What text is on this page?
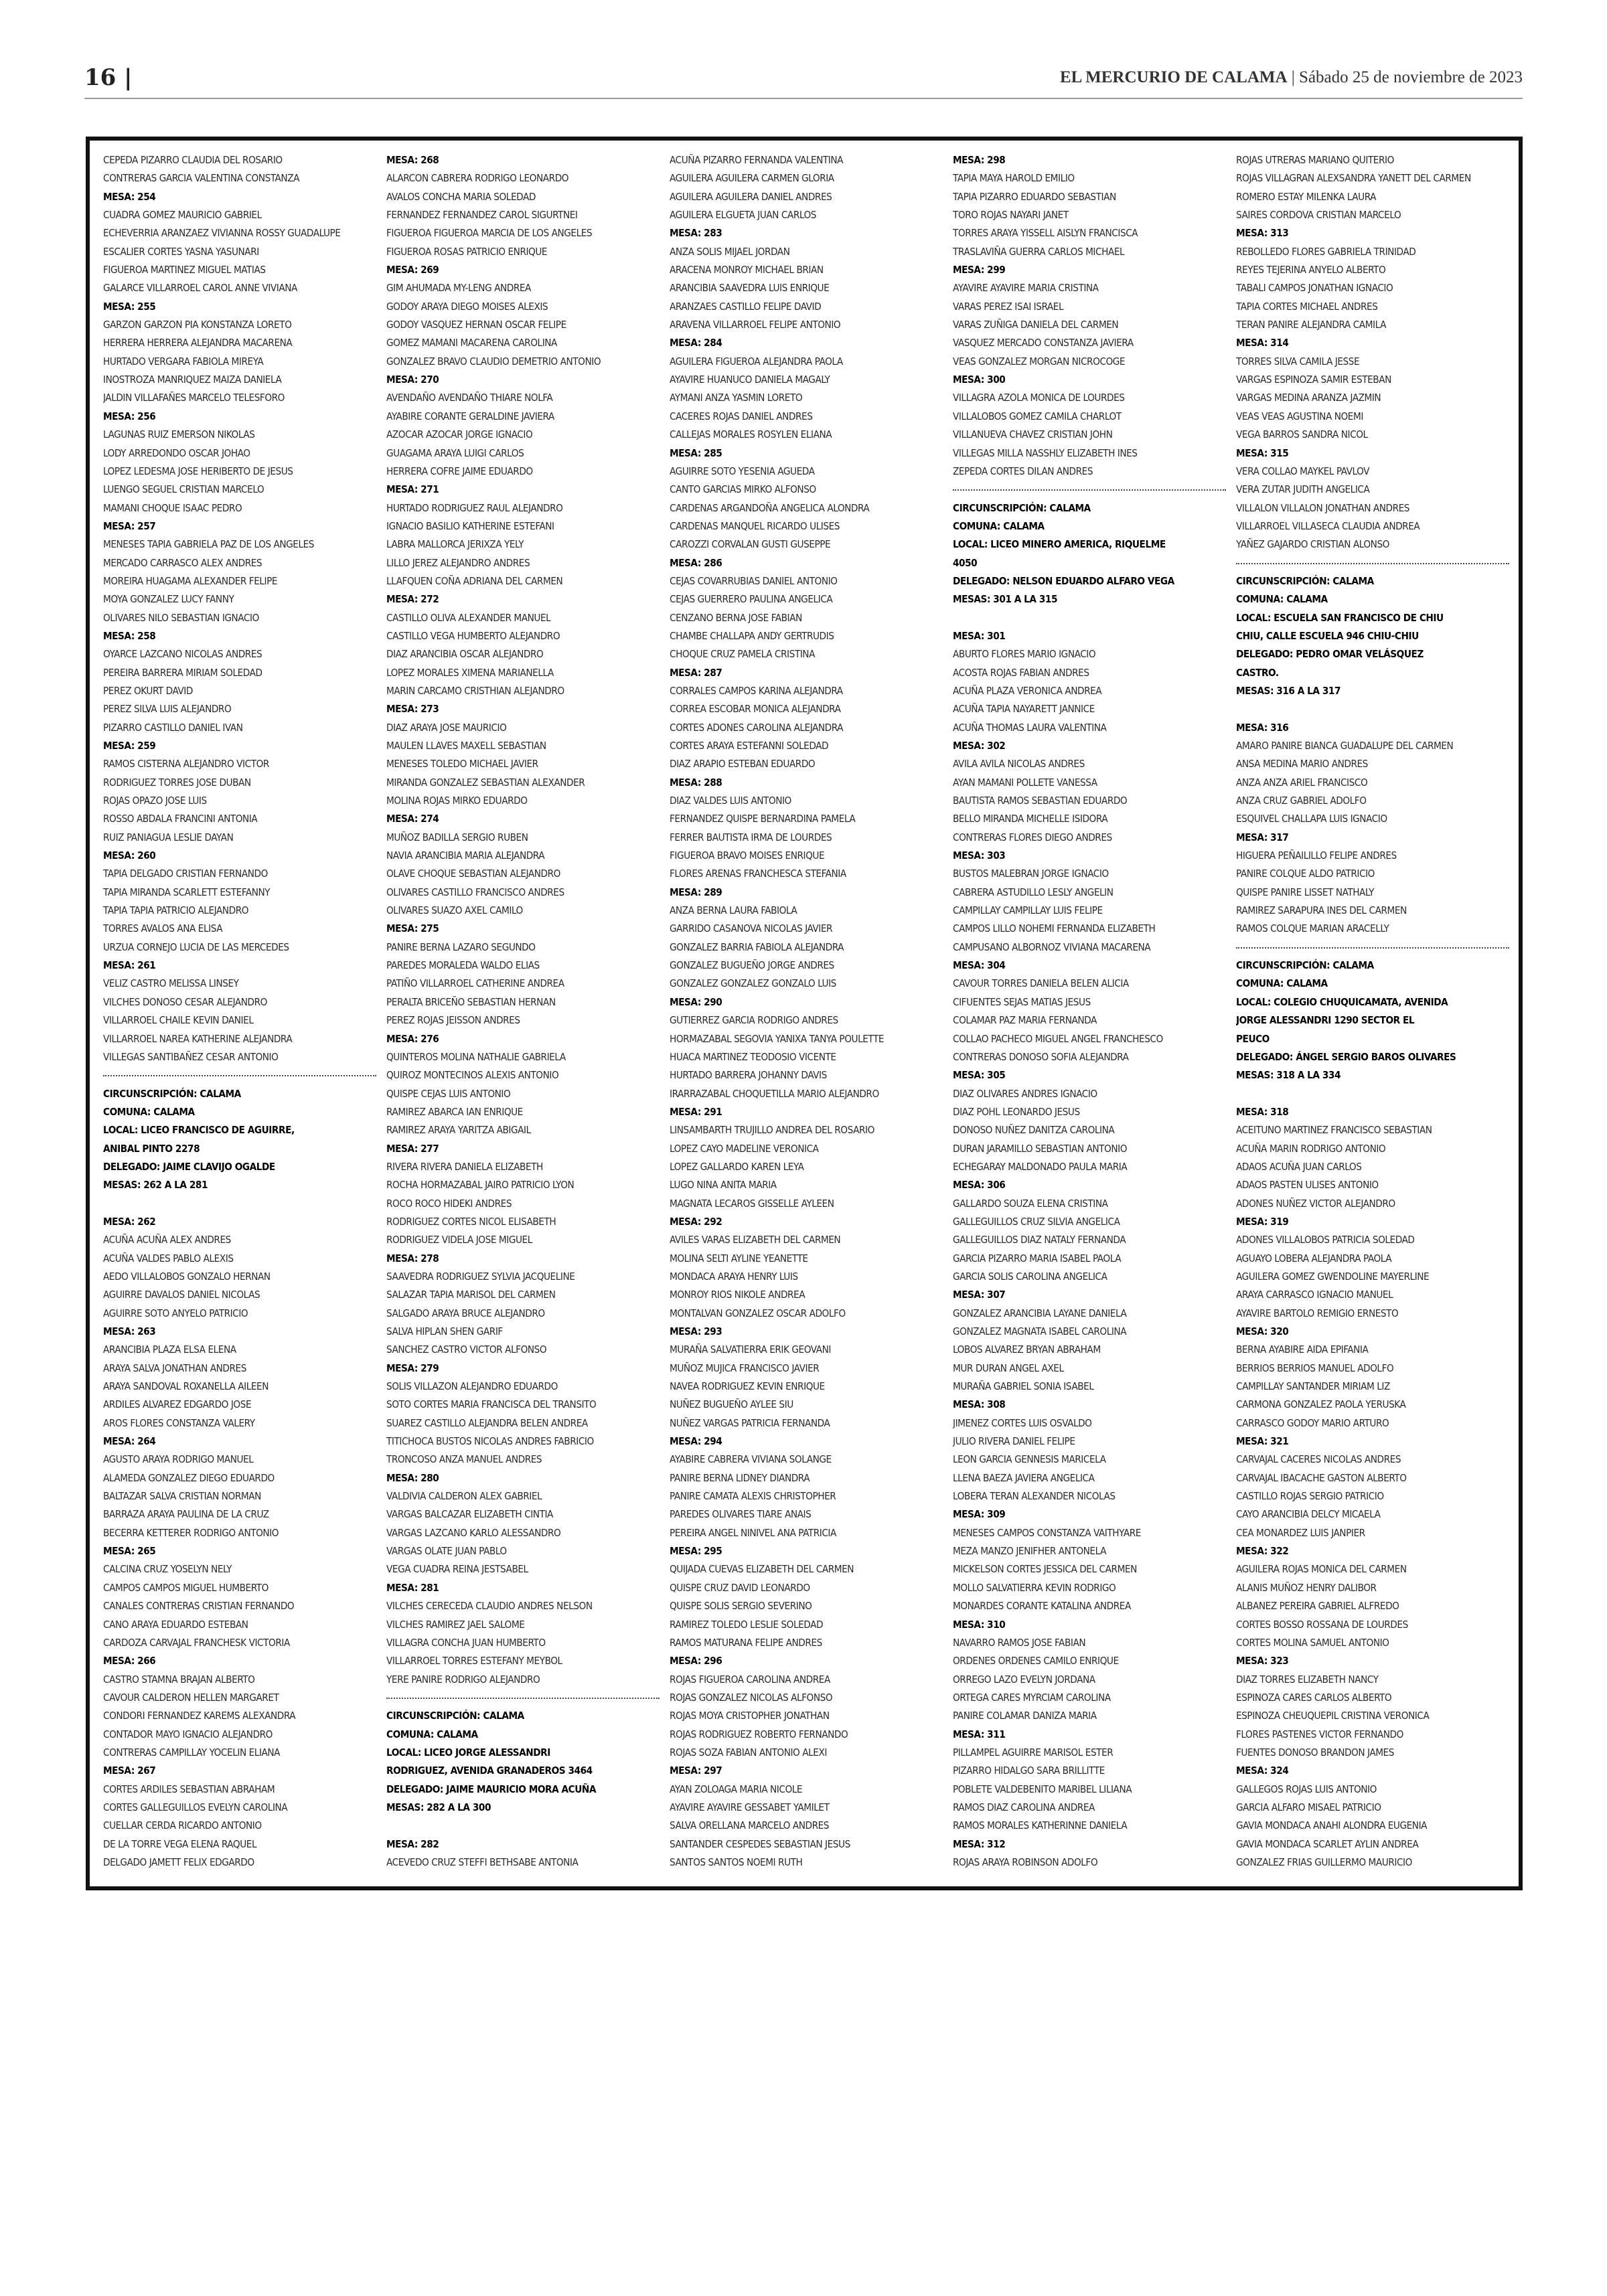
16 |	EL MERCURIO DE CALAMA | Sábado 25 de noviembre de 2023
CEPEDA PIZARRO CLAUDIA DEL ROSARIO
CONTRERAS GARCIA VALENTINA CONSTANZA
MESA: 254
CUADRA GOMEZ MAURICIO GABRIEL
ECHEVERRIA ARANZAEZ VIVIANNA ROSSY GUADALUPE
ESCALIER CORTES YASNA YASUNARI
FIGUEROA MARTINEZ MIGUEL MATIAS
GALARCE VILLARROEL CAROL ANNE VIVIANA
MESA: 255
GARZON GARZON PIA KONSTANZA LORETO
HERRERA HERRERA ALEJANDRA MACARENA
HURTADO VERGARA FABIOLA MIREYA
INOSTROZA MANRIQUEZ MAIZA DANIELA
JALDIN VILLAFAÑES MARCELO TELESFORO
MESA: 256
LAGUNAS RUIZ EMERSON NIKOLAS
LODY ARREDONDO OSCAR JOHAO
LOPEZ LEDESMA JOSE HERIBERTO DE JESUS
LUENGO SEGUEL CRISTIAN MARCELO
MAMANI CHOQUE ISAAC PEDRO
MESA: 257
MENESES TAPIA GABRIELA PAZ DE LOS ANGELES
MERCADO CARRASCO ALEX ANDRES
MOREIRA HUAGAMA ALEXANDER FELIPE
MOYA GONZALEZ LUCY FANNY
OLIVARES NILO SEBASTIAN IGNACIO
MESA: 258
OYARCE LAZCANO NICOLAS ANDRES
PEREIRA BARRERA MIRIAM SOLEDAD
PEREZ OKURT DAVID
PEREZ SILVA LUIS ALEJANDRO
PIZARRO CASTILLO DANIEL IVAN
MESA: 259
RAMOS CISTERNA ALEJANDRO VICTOR
RODRIGUEZ TORRES JOSE DUBAN
ROJAS OPAZO JOSE LUIS
ROSSO ABDALA FRANCINI ANTONIA
RUIZ PANIAGUA LESLIE DAYAN
MESA: 260
TAPIA DELGADO CRISTIAN FERNANDO
TAPIA MIRANDA SCARLETT ESTEFANNY
TAPIA TAPIA PATRICIO ALEJANDRO
TORRES AVALOS ANA ELISA
URZUA CORNEJO LUCIA DE LAS MERCEDES
MESA: 261
VELIZ CASTRO MELISSA LINSEY
VILCHES DONOSO CESAR ALEJANDRO
VILLARROEL CHAILE KEVIN DANIEL
VILLARROEL NAREA KATHERINE ALEJANDRA
VILLEGAS SANTIBAÑEZ CESAR ANTONIO
CIRCUNSCRIPCIÓN: CALAMA
COMUNA: CALAMA
LOCAL: LICEO FRANCISCO DE AGUIRRE,
ANIBAL PINTO 2278
DELEGADO: JAIME CLAVIJO OGALDE
MESAS: 262 A LA 281
MESA: 262
ACUÑA ACUÑA ALEX ANDRES
ACUÑA VALDES PABLO ALEXIS
AEDO VILLALOBOS GONZALO HERNAN
AGUIRRE DAVALOS DANIEL NICOLAS
AGUIRRE SOTO ANYELO PATRICIO
MESA: 263
ARANCIBIA PLAZA ELSA ELENA
ARAYA SALVA JONATHAN ANDRES
ARAYA SANDOVAL ROXANELLA AILEEN
ARDILES ALVAREZ EDGARDO JOSE
AROS FLORES CONSTANZA VALERY
MESA: 264
AGUSTO ARAYA RODRIGO MANUEL
ALAMEDA GONZALEZ DIEGO EDUARDO
BALTAZAR SALVA CRISTIAN NORMAN
BARRAZA ARAYA PAULINA DE LA CRUZ
BECERRA KETTERER RODRIGO ANTONIO
MESA: 265
CALCINA CRUZ YOSELYN NELY
CAMPOS CAMPOS MIGUEL HUMBERTO
CANALES CONTRERAS CRISTIAN FERNANDO
CANO ARAYA EDUARDO ESTEBAN
CARDOZA CARVAJAL FRANCHESK VICTORIA
MESA: 266
CASTRO STAMNA BRAJAN ALBERTO
CAVOUR CALDERON HELLEN MARGARET
CONDORI FERNANDEZ KAREMS ALEXANDRA
CONTADOR MAYO IGNACIO ALEJANDRO
CONTRERAS CAMPILLAY YOCELIN ELIANA
MESA: 267
CORTES ARDILES SEBASTIAN ABRAHAM
CORTES GALLEGUILLOS EVELYN CAROLINA
CUELLAR CERDA RICARDO ANTONIO
DE LA TORRE VEGA ELENA RAQUEL
DELGADO JAMETT FELIX EDGARDO
MESA: 268
ALARCON CABRERA RODRIGO LEONARDO
AVALOS CONCHA MARIA SOLEDAD
FERNANDEZ FERNANDEZ CAROL SIGURTNEI
FIGUEROA FIGUEROA MARCIA DE LOS ANGELES
FIGUEROA ROSAS PATRICIO ENRIQUE
MESA: 269
GIM AHUMADA MY-LENG ANDREA
GODOY ARAYA DIEGO MOISES ALEXIS
GODOY VASQUEZ HERNAN OSCAR FELIPE
GOMEZ MAMANI MACARENA CAROLINA
GONZALEZ BRAVO CLAUDIO DEMETRIO ANTONIO
MESA: 270
AVENDAÑO AVENDAÑO THIARE NOLFA
AYABIRE CORANTE GERALDINE JAVIERA
AZOCAR AZOCAR JORGE IGNACIO
GUAGAMA ARAYA LUIGI CARLOS
HERRERA COFRE JAIME EDUARDO
MESA: 271
HURTADO RODRIGUEZ RAUL ALEJANDRO
IGNACIO BASILIO KATHERINE ESTEFANI
LABRA MALLORCA JERIXZA YELY
LILLO JEREZ ALEJANDRO ANDRES
LLAFQUEN COÑA ADRIANA DEL CARMEN
MESA: 272
CASTILLO OLIVA ALEXANDER MANUEL
CASTILLO VEGA HUMBERTO ALEJANDRO
DIAZ ARANCIBIA OSCAR ALEJANDRO
LOPEZ MORALES XIMENA MARIANELLA
MARIN CARCAMO CRISTHIAN ALEJANDRO
MESA: 273
DIAZ ARAYA JOSE MAURICIO
MAULEN LLAVES MAXELL SEBASTIAN
MENESES TOLEDO MICHAEL JAVIER
MIRANDA GONZALEZ SEBASTIAN ALEXANDER
MOLINA ROJAS MIRKO EDUARDO
MESA: 274
MUÑOZ BADILLA SERGIO RUBEN
NAVIA ARANCIBIA MARIA ALEJANDRA
OLAVE CHOQUE SEBASTIAN ALEJANDRO
OLIVARES CASTILLO FRANCISCO ANDRES
OLIVARES SUAZO AXEL CAMILO
MESA: 275
PANIRE BERNA LAZARO SEGUNDO
PAREDES MORALEDA WALDO ELIAS
PATIÑO VILLARROEL CATHERINE ANDREA
PERALTA BRICEÑO SEBASTIAN HERNAN
PEREZ ROJAS JEISSON ANDRES
MESA: 276
QUINTEROS MOLINA NATHALIE GABRIELA
QUIROZ MONTECINOS ALEXIS ANTONIO
QUISPE CEJAS LUIS ANTONIO
RAMIREZ ABARCA IAN ENRIQUE
RAMIREZ ARAYA YARITZA ABIGAIL
MESA: 277
RIVERA RIVERA DANIELA ELIZABETH
ROCHA HORMAZABAL JAIRO PATRICIO LYON
ROCO ROCO HIDEKI ANDRES
RODRIGUEZ CORTES NICOL ELISABETH
RODRIGUEZ VIDELA JOSE MIGUEL
MESA: 278
SAAVEDRA RODRIGUEZ SYLVIA JACQUELINE
SALAZAR TAPIA MARISOL DEL CARMEN
SALGADO ARAYA BRUCE ALEJANDRO
SALVA HIPLAN SHEN GARIF
SANCHEZ CASTRO VICTOR ALFONSO
MESA: 279
SOLIS VILLAZON ALEJANDRO EDUARDO
SOTO CORTES MARIA FRANCISCA DEL TRANSITO
SUAREZ CASTILLO ALEJANDRA BELEN ANDREA
TITICHOCA BUSTOS NICOLAS ANDRES FABRICIO
TRONCOSO ANZA MANUEL ANDRES
MESA: 280
VALDIVIA CALDERON ALEX GABRIEL
VARGAS BALCAZAR ELIZABETH CINTIA
VARGAS LAZCANO KARLO ALESSANDRO
VARGAS OLATE JUAN PABLO
VEGA CUADRA REINA JESTSABEL
MESA: 281
VILCHES CERECEDA CLAUDIO ANDRES NELSON
VILCHES RAMIREZ JAEL SALOME
VILLAGRA CONCHA JUAN HUMBERTO
VILLARROEL TORRES ESTEFANY MEYBOL
YERE PANIRE RODRIGO ALEJANDRO
CIRCUNSCRIPCIÓN: CALAMA
COMUNA: CALAMA
LOCAL: LICEO JORGE ALESSANDRI
RODRIGUEZ, AVENIDA GRANADEROS 3464
DELEGADO: JAIME MAURICIO MORA ACUÑA
MESAS: 282 A LA 300
MESA: 282
ACEVEDO CRUZ STEFFI BETHSABE ANTONIA
ACUÑA PIZARRO FERNANDA VALENTINA
AGUILERA AGUILERA CARMEN GLORIA
AGUILERA AGUILERA DANIEL ANDRES
AGUILERA ELGUETA JUAN CARLOS
MESA: 283
ANZA SOLIS MIJAEL JORDAN
ARACENA MONROY MICHAEL BRIAN
ARANCIBIA SAAVEDRA LUIS ENRIQUE
ARANZAES CASTILLO FELIPE DAVID
ARAVENA VILLARROEL FELIPE ANTONIO
MESA: 284
AGUILERA FIGUEROA ALEJANDRA PAOLA
AYAVIRE HUANUCO DANIELA MAGALY
AYMANI ANZA YASMIN LORETO
CACERES ROJAS DANIEL ANDRES
CALLEJAS MORALES ROSYLEN ELIANA
MESA: 285
AGUIRRE SOTO YESENIA AGUEDA
CANTO GARCIAS MIRKO ALFONSO
CARDENAS ARGANDOÑA ANGELICA ALONDRA
CARDENAS MANQUEL RICARDO ULISES
CAROZZI CORVALAN GUSTI GUSEPPE
MESA: 286
CEJAS COVARRUBIAS DANIEL ANTONIO
CEJAS GUERRERO PAULINA ANGELICA
CENZANO BERNA JOSE FABIAN
CHAMBE CHALLAPA ANDY GERTRUDIS
CHOQUE CRUZ PAMELA CRISTINA
MESA: 287
CORRALES CAMPOS KARINA ALEJANDRA
CORREA ESCOBAR MONICA ALEJANDRA
CORTES ADONES CAROLINA ALEJANDRA
CORTES ARAYA ESTEFANNI SOLEDAD
DIAZ ARAPIO ESTEBAN EDUARDO
MESA: 288
DIAZ VALDES LUIS ANTONIO
FERNANDEZ QUISPE BERNARDINA PAMELA
FERRER BAUTISTA IRMA DE LOURDES
FIGUEROA BRAVO MOISES ENRIQUE
FLORES ARENAS FRANCHESCA STEFANIA
MESA: 289
ANZA BERNA LAURA FABIOLA
GARRIDO CASANOVA NICOLAS JAVIER
GONZALEZ BARRIA FABIOLA ALEJANDRA
GONZALEZ BUGUEÑO JORGE ANDRES
GONZALEZ GONZALEZ GONZALO LUIS
MESA: 290
GUTIERREZ GARCIA RODRIGO ANDRES
HORMAZABAL SEGOVIA YANIXA TANYA POULETTE
HUACA MARTINEZ TEODOSIO VICENTE
HURTADO BARRERA JOHANNY DAVIS
IRARRAZABAL CHOQUETILLA MARIO ALEJANDRO
MESA: 291
LINSAMBARTH TRUJILLO ANDREA DEL ROSARIO
LOPEZ CAYO MADELINE VERONICA
LOPEZ GALLARDO KAREN LEYA
LUGO NINA ANITA MARIA
MAGNATA LECAROS GISSELLE AYLEEN
MESA: 292
AVILES VARAS ELIZABETH DEL CARMEN
MOLINA SELTI AYLINE YEANETTE
MONDACA ARAYA HENRY LUIS
MONROY RIOS NIKOLE ANDREA
MONTALVAN GONZALEZ OSCAR ADOLFO
MESA: 293
MURAÑA SALVATIERRA ERIK GEOVANI
MUÑOZ MUJICA FRANCISCO JAVIER
NAVEA RODRIGUEZ KEVIN ENRIQUE
NUÑEZ BUGUEÑO AYLEE SIU
NUÑEZ VARGAS PATRICIA FERNANDA
MESA: 294
AYABIRE CABRERA VIVIANA SOLANGE
PANIRE BERNA LIDNEY DIANDRA
PANIRE CAMATA ALEXIS CHRISTOPHER
PAREDES OLIVARES TIARE ANAIS
PEREIRA ANGEL NINIVEL ANA PATRICIA
MESA: 295
QUIJADA CUEVAS ELIZABETH DEL CARMEN
QUISPE CRUZ DAVID LEONARDO
QUISPE SOLIS SERGIO SEVERINO
RAMIREZ TOLEDO LESLIE SOLEDAD
RAMOS MATURANA FELIPE ANDRES
MESA: 296
ROJAS FIGUEROA CAROLINA ANDREA
ROJAS GONZALEZ NICOLAS ALFONSO
ROJAS MOYA CRISTOPHER JONATHAN
ROJAS RODRIGUEZ ROBERTO FERNANDO
ROJAS SOZA FABIAN ANTONIO ALEXI
MESA: 297
AYAN ZOLOAGA MARIA NICOLE
AYAVIRE AYAVIRE GESSABET YAMILET
SALVA ORELLANA MARCELO ANDRES
SANTANDER CESPEDES SEBASTIAN JESUS
SANTOS SANTOS NOEMI RUTH
MESA: 298
TAPIA MAYA HAROLD EMILIO
TAPIA PIZARRO EDUARDO SEBASTIAN
TORO ROJAS NAYARI JANET
TORRES ARAYA YISSELL AISLYN FRANCISCA
TRASLAVIÑA GUERRA CARLOS MICHAEL
MESA: 299
AYAVIRE AYAVIRE MARIA CRISTINA
VARAS PEREZ ISAI ISRAEL
VARAS ZUÑIGA DANIELA DEL CARMEN
VASQUEZ MERCADO CONSTANZA JAVIERA
VEAS GONZALEZ MORGAN NICROCOGE
MESA: 300
VILLAGRA AZOLA MONICA DE LOURDES
VILLALOBOS GOMEZ CAMILA CHARLOT
VILLANUEVA CHAVEZ CRISTIAN JOHN
VILLEGAS MILLA NASSHLY ELIZABETH INES
ZEPEDA CORTES DILAN ANDRES
CIRCUNSCRIPCIÓN: CALAMA
COMUNA: CALAMA
LOCAL: LICEO MINERO AMERICA, RIQUELME
4050
DELEGADO: NELSON EDUARDO ALFARO VEGA
MESAS: 301 A LA 315
MESA: 301
ABURTO FLORES MARIO IGNACIO
ACOSTA ROJAS FABIAN ANDRES
ACUÑA PLAZA VERONICA ANDREA
ACUÑA TAPIA NAYARETT JANNICE
ACUÑA THOMAS LAURA VALENTINA
MESA: 302
AVILA AVILA NICOLAS ANDRES
AYAN MAMANI POLLETE VANESSA
BAUTISTA RAMOS SEBASTIAN EDUARDO
BELLO MIRANDA MICHELLE ISIDORA
CONTRERAS FLORES DIEGO ANDRES
MESA: 303
BUSTOS MALEBRAN JORGE IGNACIO
CABRERA ASTUDILLO LESLY ANGELIN
CAMPILLAY CAMPILLAY LUIS FELIPE
CAMPOS LILLO NOHEMI FERNANDA ELIZABETH
CAMPUSANO ALBORNOZ VIVIANA MACARENA
MESA: 304
CAVOUR TORRES DANIELA BELEN ALICIA
CIFUENTES SEJAS MATIAS JESUS
COLAMAR PAZ MARIA FERNANDA
COLLAO PACHECO MIGUEL ANGEL FRANCHESCO
CONTRERAS DONOSO SOFIA ALEJANDRA
MESA: 305
DIAZ OLIVARES ANDRES IGNACIO
DIAZ POHL LEONARDO JESUS
DONOSO NUÑEZ DANITZA CAROLINA
DURAN JARAMILLO SEBASTIAN ANTONIO
ECHEGARAY MALDONADO PAULA MARIA
MESA: 306
GALLARDO SOUZA ELENA CRISTINA
GALLEGUILLOS CRUZ SILVIA ANGELICA
GALLEGUILLOS DIAZ NATALY FERNANDA
GARCIA PIZARRO MARIA ISABEL PAOLA
GARCIA SOLIS CAROLINA ANGELICA
MESA: 307
GONZALEZ ARANCIBIA LAYANE DANIELA
GONZALEZ MAGNATA ISABEL CAROLINA
LOBOS ALVAREZ BRYAN ABRAHAM
MUR DURAN ANGEL AXEL
MURAÑA GABRIEL SONIA ISABEL
MESA: 308
JIMENEZ CORTES LUIS OSVALDO
JULIO RIVERA DANIEL FELIPE
LEON GARCIA GENNESIS MARICELA
LLENA BAEZA JAVIERA ANGELICA
LOBERA TERAN ALEXANDER NICOLAS
MESA: 309
MENESES CAMPOS CONSTANZA VAITHYARE
MEZA MANZO JENIFHER ANTONELA
MICKELSON CORTES JESSICA DEL CARMEN
MOLLO SALVATIERRA KEVIN RODRIGO
MONARDES CORANTE KATALINA ANDREA
MESA: 310
NAVARRO RAMOS JOSE FABIAN
ORDENES ORDENES CAMILO ENRIQUE
ORREGO LAZO EVELYN JORDANA
ORTEGA CARES MYRCIAM CAROLINA
PANIRE COLAMAR DANIZA MARIA
MESA: 311
PILLAMPEL AGUIRRE MARISOL ESTER
PIZARRO HIDALGO SARA BRILLITTE
POBLETE VALDEBENITO MARIBEL LILIANA
RAMOS DIAZ CAROLINA ANDREA
RAMOS MORALES KATHERINNE DANIELA
MESA: 312
ROJAS ARAYA ROBINSON ADOLFO
ROJAS UTRERAS MARIANO QUITERIO
ROJAS VILLAGRAN ALEXSANDRA YANETT DEL CARMEN
ROMERO ESTAY MILENKA LAURA
SAIRES CORDOVA CRISTIAN MARCELO
MESA: 313
REBOLLEDO FLORES GABRIELA TRINIDAD
REYES TEJERINA ANYELO ALBERTO
TABALI CAMPOS JONATHAN IGNACIO
TAPIA CORTES MICHAEL ANDRES
TERAN PANIRE ALEJANDRA CAMILA
MESA: 314
TORRES SILVA CAMILA JESSE
VARGAS ESPINOZA SAMIR ESTEBAN
VARGAS MEDINA ARANZA JAZMIN
VEAS VEAS AGUSTINA NOEMI
VEGA BARROS SANDRA NICOL
MESA: 315
VERA COLLAO MAYKEL PAVLOV
VERA ZUTAR JUDITH ANGELICA
VILLALON VILLALON JONATHAN ANDRES
VILLARROEL VILLASECA CLAUDIA ANDREA
YAÑEZ GAJARDO CRISTIAN ALONSO
CIRCUNSCRIPCIÓN: CALAMA
COMUNA: CALAMA
LOCAL: ESCUELA SAN FRANCISCO DE CHIU
CHIU, CALLE ESCUELA 946 CHIU-CHIU
DELEGADO: PEDRO OMAR VELÁSQUEZ
CASTRO.
MESAS: 316 A LA 317
MESA: 316
AMARO PANIRE BIANCA GUADALUPE DEL CARMEN
ANSA MEDINA MARIO ANDRES
ANZA ANZA ARIEL FRANCISCO
ANZA CRUZ GABRIEL ADOLFO
ESQUIVEL CHALLAPA LUIS IGNACIO
MESA: 317
HIGUERA PEÑAILILLO FELIPE ANDRES
PANIRE COLQUE ALDO PATRICIO
QUISPE PANIRE LISSET NATHALY
RAMIREZ SARAPURA INES DEL CARMEN
RAMOS COLQUE MARIAN ARACELLY
CIRCUNSCRIPCIÓN: CALAMA
COMUNA: CALAMA
LOCAL: COLEGIO CHUQUICAMATA, AVENIDA
JORGE ALESSANDRI 1290 SECTOR EL
PEUCO
DELEGADO: ÁNGEL SERGIO BAROS OLIVARES
MESAS: 318 A LA 334
MESA: 318
ACEITUNO MARTINEZ FRANCISCO SEBASTIAN
ACUÑA MARIN RODRIGO ANTONIO
ADAOS ACUÑA JUAN CARLOS
ADAOS PASTEN ULISES ANTONIO
ADONES NUÑEZ VICTOR ALEJANDRO
MESA: 319
ADONES VILLALOBOS PATRICIA SOLEDAD
AGUAYO LOBERA ALEJANDRA PAOLA
AGUILERA GOMEZ GWENDOLINE MAYERLINE
ARAYA CARRASCO IGNACIO MANUEL
AYAVIRE BARTOLO REMIGIO ERNESTO
MESA: 320
BERNA AYABIRE AIDA EPIFANIA
BERRIOS BERRIOS MANUEL ADOLFO
CAMPILLAY SANTANDER MIRIAM LIZ
CARMONA GONZALEZ PAOLA YERUSKA
CARRASCO GODOY MARIO ARTURO
MESA: 321
CARVAJAL CACERES NICOLAS ANDRES
CARVAJAL IBACACHE GASTON ALBERTO
CASTILLO ROJAS SERGIO PATRICIO
CAYO ARANCIBIA DELCY MICAELA
CEA MONARDEZ LUIS JANPIER
MESA: 322
AGUILERA ROJAS MONICA DEL CARMEN
ALANIS MUÑOZ HENRY DALIBOR
ALBANEZ PEREIRA GABRIEL ALFREDO
CORTES BOSSO ROSSANA DE LOURDES
CORTES MOLINA SAMUEL ANTONIO
MESA: 323
DIAZ TORRES ELIZABETH NANCY
ESPINOZA CARES CARLOS ALBERTO
ESPINOZA CHEUQUEPIL CRISTINA VERONICA
FLORES PASTENES VICTOR FERNANDO
FUENTES DONOSO BRANDON JAMES
MESA: 324
GALLEGOS ROJAS LUIS ANTONIO
GARCIA ALFARO MISAEL PATRICIO
GAVIA MONDACA ANAHI ALONDRA EUGENIA
GAVIA MONDACA SCARLET AYLIN ANDREA
GONZALEZ FRIAS GUILLERMO MAURICIO
